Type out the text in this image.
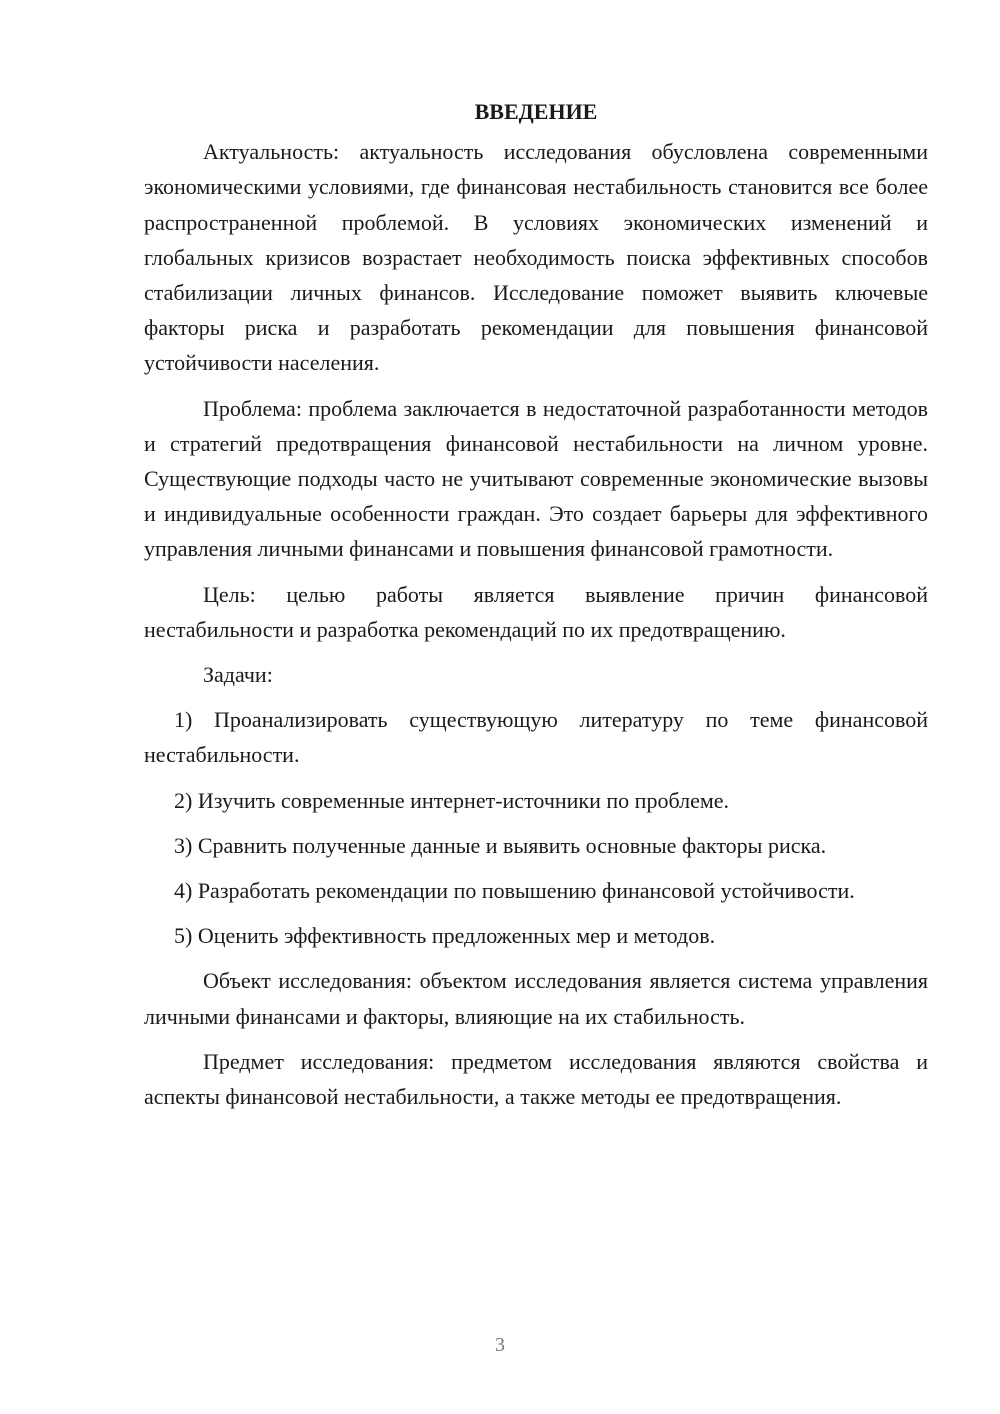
ВВЕДЕНИЕ

Актуальность: актуальность исследования обусловлена современными экономическими условиями, где финансовая нестабильность становится все более распространенной проблемой. В условиях экономических изменений и глобальных кризисов возрастает необходимость поиска эффективных способов стабилизации личных финансов. Исследование поможет выявить ключевые факторы риска и разработать рекомендации для повышения финансовой устойчивости населения.

Проблема: проблема заключается в недостаточной разработанности методов и стратегий предотвращения финансовой нестабильности на личном уровне. Существующие подходы часто не учитывают современные экономические вызовы и индивидуальные особенности граждан. Это создает барьеры для эффективного управления личными финансами и повышения финансовой грамотности.

Цель: целью работы является выявление причин финансовой нестабильности и разработка рекомендаций по их предотвращению.

Задачи:

1) Проанализировать существующую литературу по теме финансовой нестабильности.

2) Изучить современные интернет-источники по проблеме.

3) Сравнить полученные данные и выявить основные факторы риска.

4) Разработать рекомендации по повышению финансовой устойчивости.

5) Оценить эффективность предложенных мер и методов.

Объект исследования: объектом исследования является система управления личными финансами и факторы, влияющие на их стабильность.

Предмет исследования: предметом исследования являются свойства и аспекты финансовой нестабильности, а также методы ее предотвращения.

3
